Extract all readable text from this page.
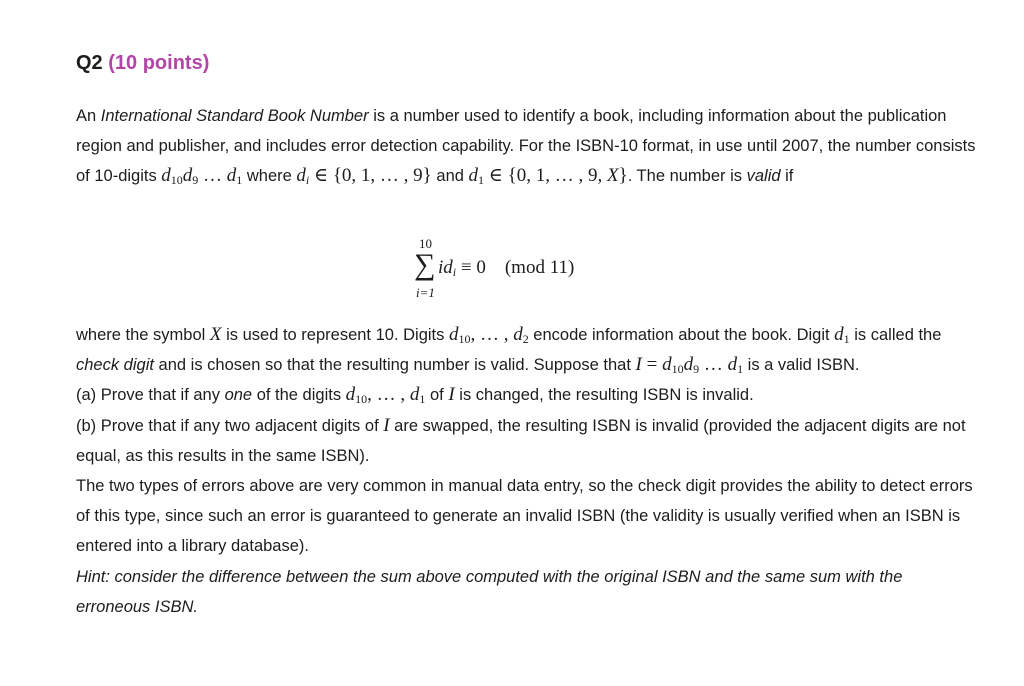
Q2 (10 points)

An International Standard Book Number is a number used to identify a book, including information about the publication region and publisher, and includes error detection capability. For the ISBN-10 format, in use until 2007, the number consists of 10-digits $d_{10}d_9$ … $d_1$ where $d_i$ ∈ {0, 1, … , 9} and $d_1$ ∈ {0, 1, … , 9, X}. The number is valid if

10
∑
i=1
$id_i \equiv 0$ (mod 11)
where the symbol X is used to represent 10. Digits $d_{10}$, … , $d_2$ encode information about the book. Digit $d_1$ is called the check digit and is chosen so that the resulting number is valid. Suppose that $I = d_{10}d_9$ … $d_1$ is a valid ISBN.
(a) Prove that if any one of the digits $d_{10}$, … , $d_1$ of I is changed, the resulting ISBN is invalid.
(b) Prove that if any two adjacent digits of I are swapped, the resulting ISBN is invalid (provided the adjacent digits are not equal, as this results in the same ISBN).
The two types of errors above are very common in manual data entry, so the check digit provides the ability to detect errors of this type, since such an error is guaranteed to generate an invalid ISBN (the validity is usually verified when an ISBN is entered into a library database).
Hint: consider the difference between the sum above computed with the original ISBN and the same sum with the erroneous ISBN.
